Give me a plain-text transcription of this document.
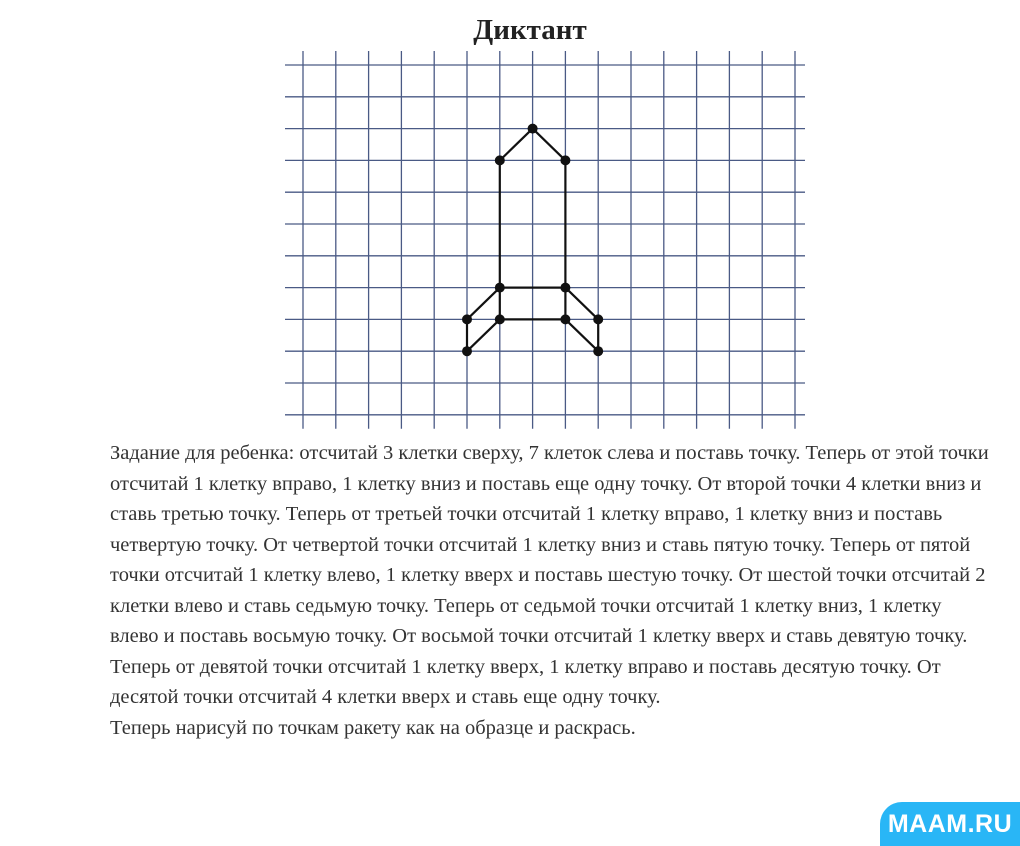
Диктант

Задание для ребенка: отсчитай 3 клетки сверху, 7 клеток слева и поставь точку. Теперь от этой точки отсчитай 1 клетку вправо, 1 клетку вниз и поставь еще одну точку. От второй точки 4 клетки вниз и ставь третью точку. Теперь от третьей точки отсчитай 1 клетку вправо, 1 клетку вниз и поставь четвертую точку. От четвертой точки отсчитай 1 клетку вниз и ставь пятую точку. Теперь от пятой точки отсчитай 1 клетку влево, 1 клетку вверх и поставь шестую точку. От шестой точки отсчитай 2 клетки влево и ставь седьмую точку. Теперь от седьмой точки отсчитай 1 клетку вниз, 1 клетку влево и поставь восьмую точку. От восьмой точки отсчитай 1 клетку вверх и ставь девятую точку. Теперь от девятой точки отсчитай 1 клетку вверх, 1 клетку вправо и поставь десятую точку. От десятой точки отсчитай 4 клетки вверх и ставь еще одну точку.

Теперь нарисуй по точкам ракету как на образце и раскрась.

MAAM.RU
